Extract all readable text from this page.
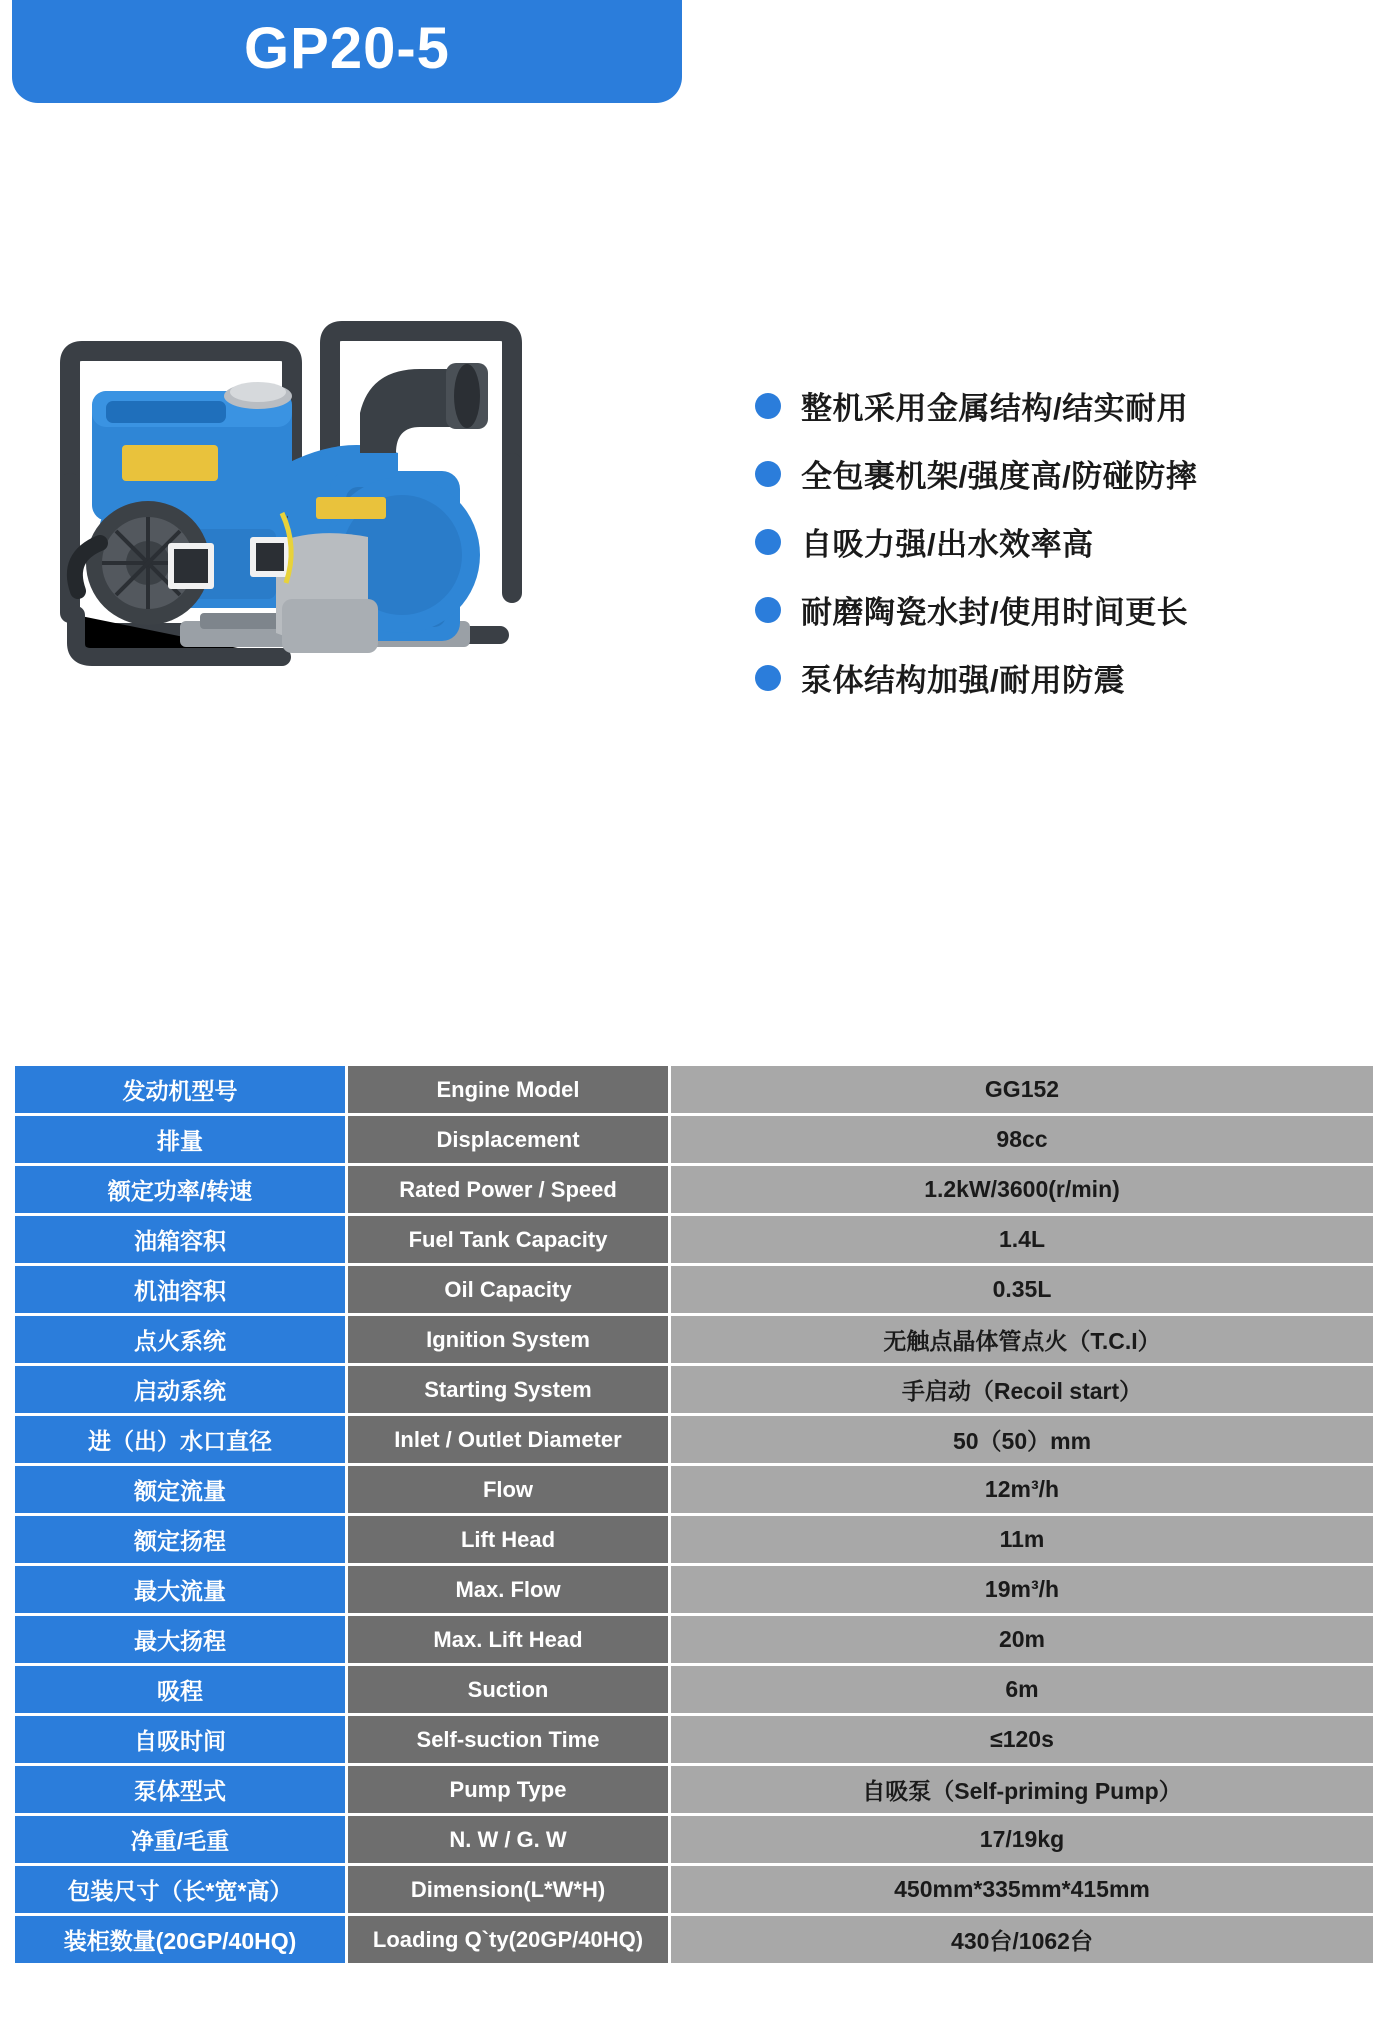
GP20-5
整机采用金属结构/结实耐用
全包裹机架/强度高/防碰防摔
自吸力强/出水效率高
耐磨陶瓷水封/使用时间更长
泵体结构加强/耐用防震
发动机型号	Engine Model	GG152
排量	Displacement	98cc
额定功率/转速	Rated Power / Speed	1.2kW/3600(r/min)
油箱容积	Fuel Tank Capacity	1.4L
机油容积	Oil Capacity	0.35L
点火系统	Ignition System	无触点晶体管点火（T.C.I）
启动系统	Starting System	手启动（Recoil start）
进（出）水口直径	Inlet / Outlet Diameter	50（50）mm
额定流量	Flow	12m³/h
额定扬程	Lift Head	11m
最大流量	Max. Flow	19m³/h
最大扬程	Max. Lift Head	20m
吸程	Suction	6m
自吸时间	Self-suction Time	≤120s
泵体型式	Pump Type	自吸泵（Self-priming Pump）
净重/毛重	N. W / G. W	17/19kg
包装尺寸（长*宽*高）	Dimension(L*W*H)	450mm*335mm*415mm
装柜数量(20GP/40HQ)	Loading Q`ty(20GP/40HQ)	430台/1062台
